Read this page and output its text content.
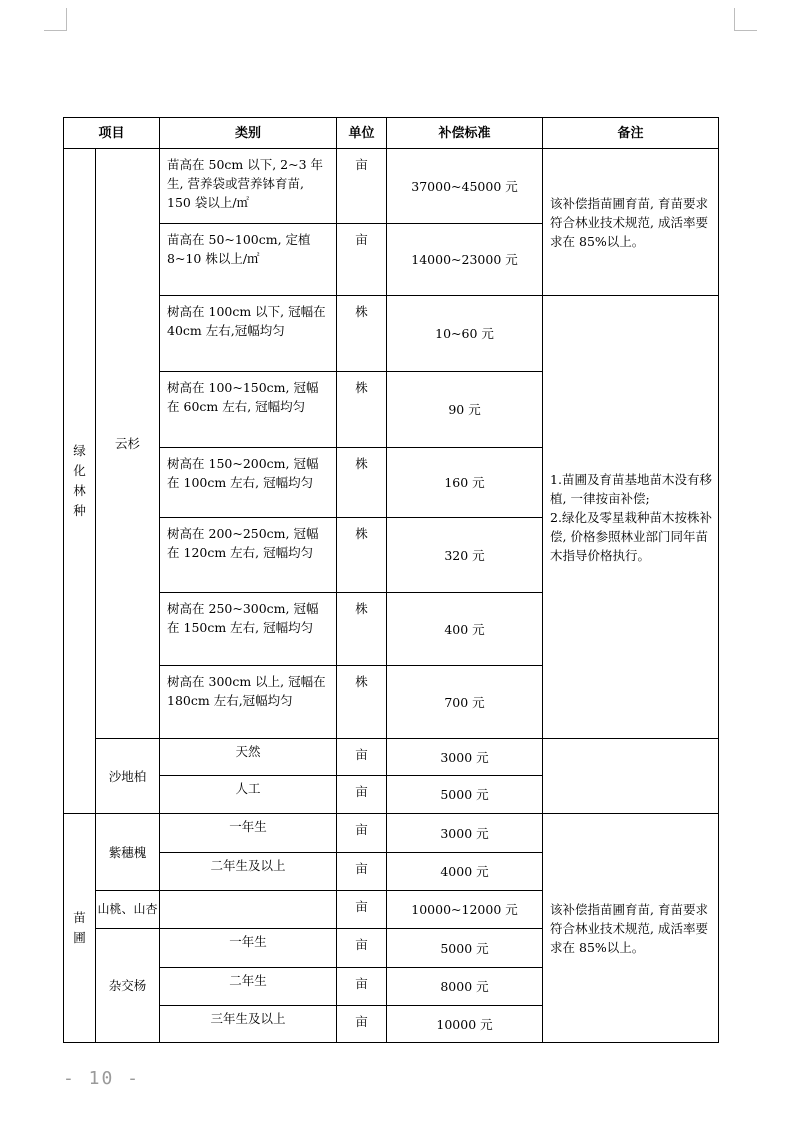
项目		类别	单位	补偿标准	备注
绿化林种	云杉	苗高在 50cm 以下, 2~3 年生, 营养袋或营养钵育苗, 150 袋以上/㎡	亩	37000~45000 元	该补偿指苗圃育苗, 育苗要求符合林业技术规范, 成活率要求在 85%以上。
		苗高在 50~100cm, 定植 8~10 株以上/㎡	亩	14000~23000 元	
		树高在 100cm 以下, 冠幅在 40cm 左右,冠幅均匀	株	10~60 元	1.苗圃及育苗基地苗木没有移植, 一律按亩补偿;
2.绿化及零星栽种苗木按株补偿, 价格参照林业部门同年苗木指导价格执行。
		树高在 100~150cm, 冠幅在 60cm 左右, 冠幅均匀	株	90 元	
		树高在 150~200cm, 冠幅在 100cm 左右, 冠幅均匀	株	160 元	
		树高在 200~250cm, 冠幅在 120cm 左右, 冠幅均匀	株	320 元	
		树高在 250~300cm, 冠幅在 150cm 左右, 冠幅均匀	株	400 元	
		树高在 300cm 以上, 冠幅在 180cm 左右,冠幅均匀	株	700 元	
	沙地柏	天然	亩	3000 元	
		人工	亩	5000 元	
苗圃	紫穗槐	一年生	亩	3000 元	该补偿指苗圃育苗, 育苗要求符合林业技术规范, 成活率要求在 85%以上。
		二年生及以上	亩	4000 元	
	山桃、山杏		亩	10000~12000 元	
	杂交杨	一年生	亩	5000 元	
		二年生	亩	8000 元	
		三年生及以上	亩	10000 元	
- 10 -
